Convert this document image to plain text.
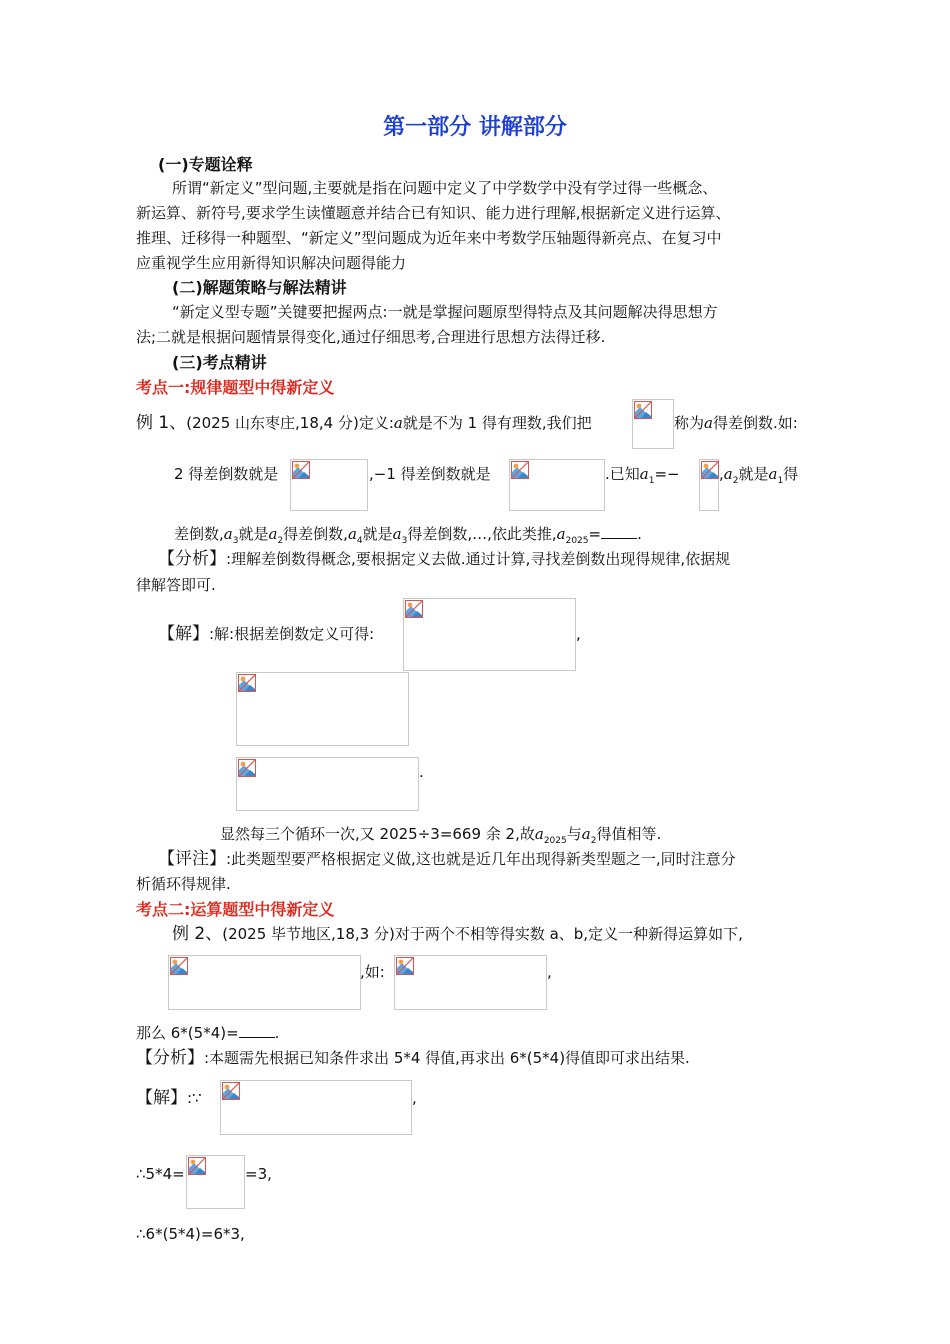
第一部分 讲解部分
(一)专题诠释
所谓“新定义”型问题,主要就是指在问题中定义了中学数学中没有学过得一些概念、
新运算、新符号,要求学生读懂题意并结合已有知识、能力进行理解,根据新定义进行运算、
推理、迁移得一种题型、“新定义”型问题成为近年来中考数学压轴题得新亮点、在复习中
应重视学生应用新得知识解决问题得能力
(二)解题策略与解法精讲
“新定义型专题”关键要把握两点:一就是掌握问题原型得特点及其问题解决得思想方
法;二就是根据问题情景得变化,通过仔细思考,合理进行思想方法得迁移.
(三)考点精讲
考点一:规律题型中得新定义
例 1、(2025 山东枣庄,18,4 分)定义:a就是不为 1 得有理数,我们把	称为a得差倒数.如:
2 得差倒数就是	,−1 得差倒数就是	.已知$a_1=-$	$,a_2$就是$a_1$得
差倒数$,a_3$就是$a_2$得差倒数$,a_4$就是$a_3$得差倒数,…,依此类推$,a_{2025}=$ .
【分析】:理解差倒数得概念,要根据定义去做.通过计算,寻找差倒数出现得规律,依据规
律解答即可.
【解】:解:根据差倒数定义可得:	,
.
显然每三个循环一次,又 2025÷3=669 余 2,故$a_{2025}$与$a_2$得值相等.
【评注】:此类题型要严格根据定义做,这也就是近几年出现得新类型题之一,同时注意分
析循环得规律.
考点二:运算题型中得新定义
例 2、(2025 毕节地区,18,3 分)对于两个不相等得实数 a、b,定义一种新得运算如下,
,如:	,
那么 6*(5*4)= .
【分析】:本题需先根据已知条件求出 5*4 得值,再求出 6*(5*4)得值即可求出结果.
【解】:∵	,
∴5*4=	=3,
∴6*(5*4)=6*3,
